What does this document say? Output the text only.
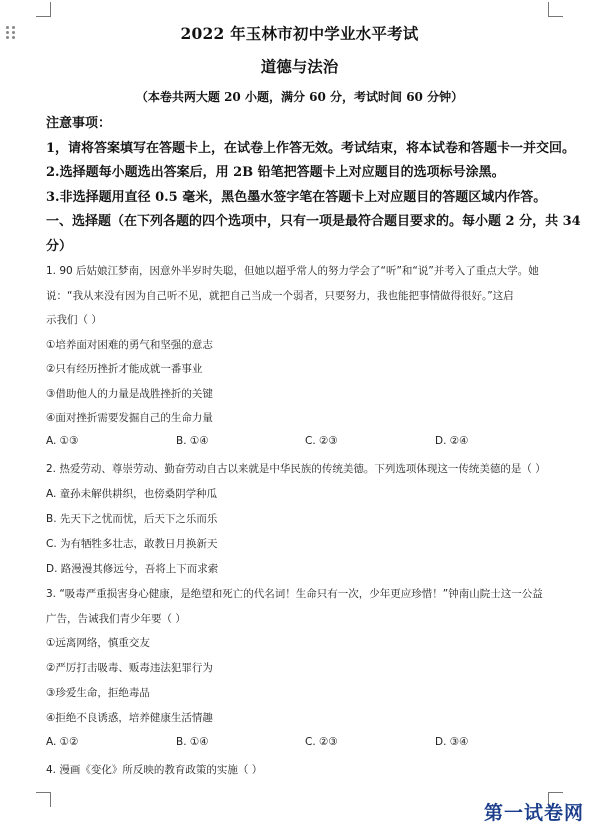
2022 年玉林市初中学业水平考试
道德与法治
（本卷共两大题 20 小题，满分 60 分，考试时间 60 分钟）
注意事项：
1，请将答案填写在答题卡上，在试卷上作答无效。考试结束，将本试卷和答题卡一并交回。
2.选择题每小题选出答案后，用 2B 铅笔把答题卡上对应题目的选项标号涂黑。
3.非选择题用直径 0.5 毫米，黑色墨水签字笔在答题卡上对应题目的答题区域内作答。
一、选择题（在下列各题的四个选项中，只有一项是最符合题目要求的。每小题 2 分，共 34
分）
1. 90 后姑娘江梦南，因意外半岁时失聪，但她以超乎常人的努力学会了“听”和“说”并考入了重点大学。她
说：“我从来没有因为自己听不见，就把自己当成一个弱者，只要努力，我也能把事情做得很好。”这启
示我们（ ）
①培养面对困难的勇气和坚强的意志
②只有经历挫折才能成就一番事业
③借助他人的力量是战胜挫折的关键
④面对挫折需要发掘自己的生命力量
A. ①③	B. ①④	C. ②③	D. ②④
2. 热爱劳动、尊崇劳动、勤奋劳动自古以来就是中华民族的传统美德。下列选项体现这一传统美德的是（ ）
A. 童孙未解供耕织，也傍桑阴学种瓜
B. 先天下之忧而忧，后天下之乐而乐
C. 为有牺牲多壮志，敢教日月换新天
D. 路漫漫其修远兮，吾将上下而求索
3. “吸毒严重损害身心健康，是绝望和死亡的代名词！生命只有一次，少年更应珍惜！”钟南山院士这一公益
广告，告诫我们青少年要（ ）
①远离网络，慎重交友
②严厉打击吸毒、贩毒违法犯罪行为
③珍爱生命，拒绝毒品
④拒绝不良诱惑，培养健康生活情趣
A. ①②	B. ①④	C. ②③	D. ③④
4. 漫画《变化》所反映的教育政策的实施（ ）
第一试卷网
